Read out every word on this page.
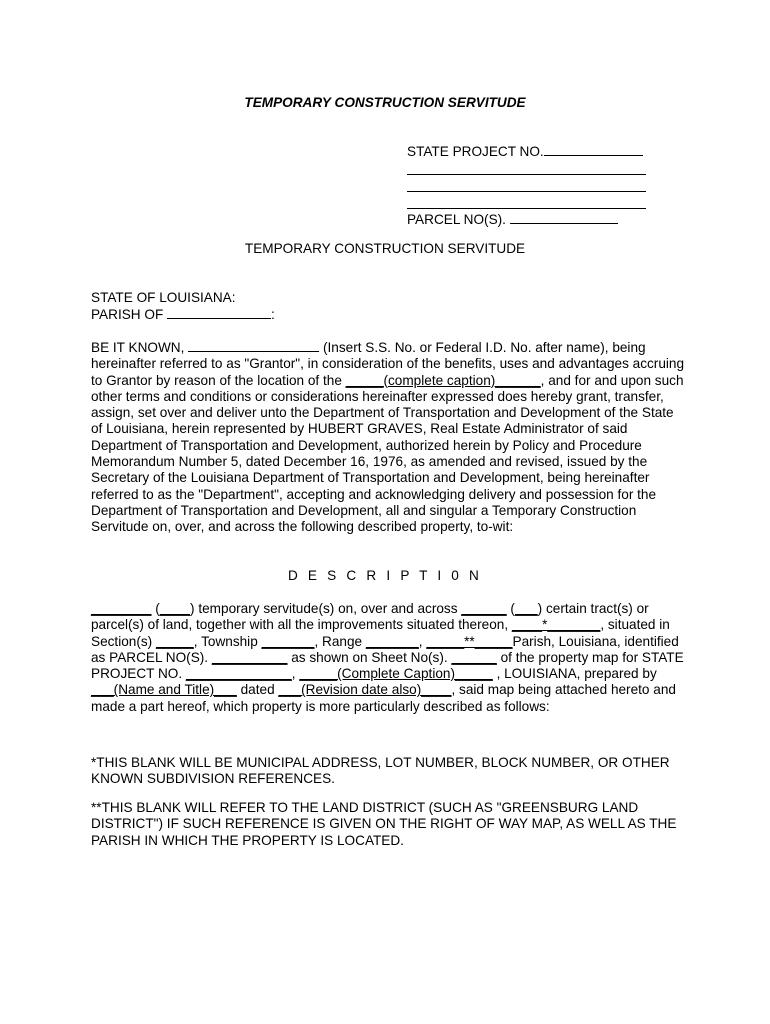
TEMPORARY CONSTRUCTION SERVITUDE
STATE PROJECT NO.
PARCEL NO(S).
TEMPORARY CONSTRUCTION SERVITUDE

STATE OF LOUISIANA:

PARISH OF	:

BE IT KNOWN,	(Insert S.S. No. or Federal I.D. No. after name), being hereinafter referred to as "Grantor", in consideration of the benefits, uses and advantages accruing to Grantor by reason of the location of the _____(complete caption)______, and for and upon such other terms and conditions or considerations hereinafter expressed does hereby grant, transfer, assign, set over and deliver unto the Department of Transportation and Development of the State of Louisiana, herein represented by HUBERT GRAVES, Real Estate Administrator of said Department of Transportation and Development, authorized herein by Policy and Procedure Memorandum Number 5, dated December 16, 1976, as amended and revised, issued by the Secretary of the Louisiana Department of Transportation and Development, being hereinafter referred to as the "Department", accepting and acknowledging delivery and possession for the Department of Transportation and Development, all and singular a Temporary Construction Servitude on, over, and across the following described property, to-wit:

D E S C R I P T I 0 N

________ (____) temporary servitude(s) on, over and across ______ (___) certain tract(s) or parcel(s) of land, together with all the improvements situated thereon, ____*_______, situated in Section(s) _____, Township _______, Range _______, _____**_____Parish, Louisiana, identified as PARCEL NO(S). __________ as shown on Sheet No(s). ______ of the property map for STATE PROJECT NO. ______________, _____(Complete Caption)_____ , LOUISIANA, prepared by ___(Name and Title)___ dated ___(Revision date also)____, said map being attached hereto and made a part hereof, which property is more particularly described as follows:

*THIS BLANK WILL BE MUNICIPAL ADDRESS, LOT NUMBER, BLOCK NUMBER, OR OTHER KNOWN SUBDIVISION REFERENCES.

**THIS BLANK WILL REFER TO THE LAND DISTRICT (SUCH AS "GREENSBURG LAND DISTRICT") IF SUCH REFERENCE IS GIVEN ON THE RIGHT OF WAY MAP, AS WELL AS THE PARISH IN WHICH THE PROPERTY IS LOCATED.
